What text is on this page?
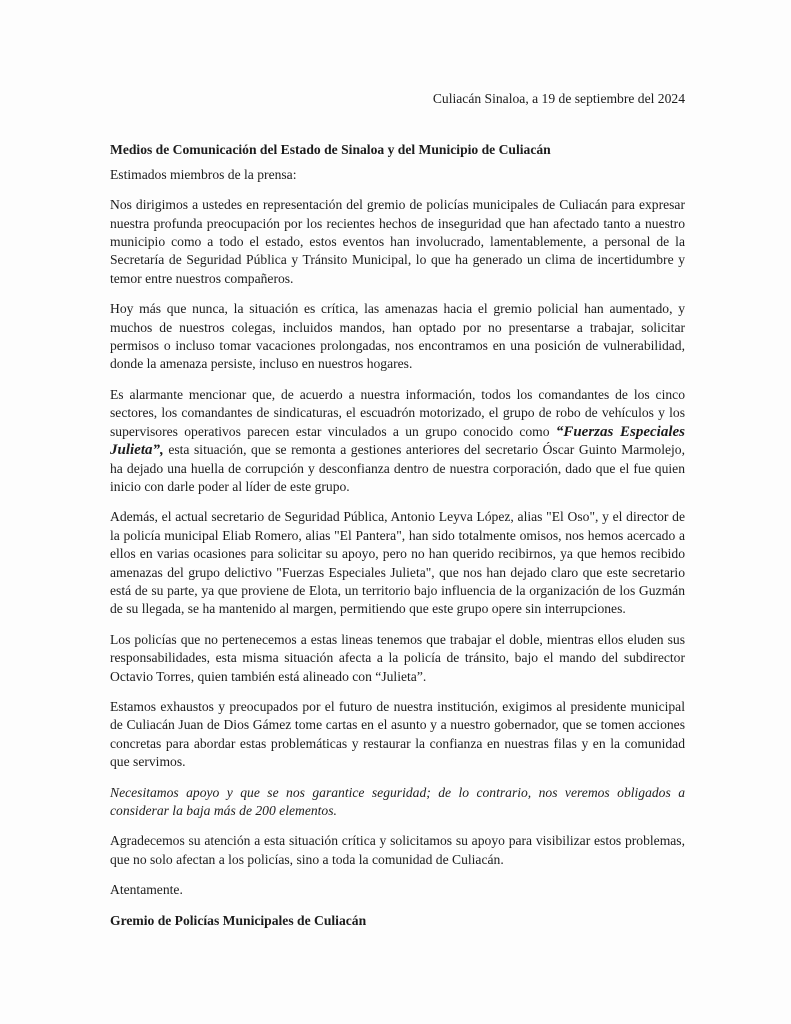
Culiacán Sinaloa, a 19 de septiembre del 2024
Medios de Comunicación del Estado de Sinaloa y del Municipio de Culiacán
Estimados miembros de la prensa:

Nos dirigimos a ustedes en representación del gremio de policías municipales de Culiacán para expresar nuestra profunda preocupación por los recientes hechos de inseguridad que han afectado tanto a nuestro municipio como a todo el estado, estos eventos han involucrado, lamentablemente, a personal de la Secretaría de Seguridad Pública y Tránsito Municipal, lo que ha generado un clima de incertidumbre y temor entre nuestros compañeros.

Hoy más que nunca, la situación es crítica, las amenazas hacia el gremio policial han aumentado, y muchos de nuestros colegas, incluidos mandos, han optado por no presentarse a trabajar, solicitar permisos o incluso tomar vacaciones prolongadas, nos encontramos en una posición de vulnerabilidad, donde la amenaza persiste, incluso en nuestros hogares.

Es alarmante mencionar que, de acuerdo a nuestra información, todos los comandantes de los cinco sectores, los comandantes de sindicaturas, el escuadrón motorizado, el grupo de robo de vehículos y los supervisores operativos parecen estar vinculados a un grupo conocido como “Fuerzas Especiales Julieta”, esta situación, que se remonta a gestiones anteriores del secretario Óscar Guinto Marmolejo, ha dejado una huella de corrupción y desconfianza dentro de nuestra corporación, dado que el fue quien inicio con darle poder al líder de este grupo.

Además, el actual secretario de Seguridad Pública, Antonio Leyva López, alias "El Oso", y el director de la policía municipal Eliab Romero, alias "El Pantera", han sido totalmente omisos, nos hemos acercado a ellos en varias ocasiones para solicitar su apoyo, pero no han querido recibirnos, ya que hemos recibido amenazas del grupo delictivo "Fuerzas Especiales Julieta", que nos han dejado claro que este secretario está de su parte, ya que proviene de Elota, un territorio bajo influencia de la organización de los Guzmán de su llegada, se ha mantenido al margen, permitiendo que este grupo opere sin interrupciones.

Los policías que no pertenecemos a estas lineas tenemos que trabajar el doble, mientras ellos eluden sus responsabilidades, esta misma situación afecta a la policía de tránsito, bajo el mando del subdirector Octavio Torres, quien también está alineado con “Julieta”.

Estamos exhaustos y preocupados por el futuro de nuestra institución, exigimos al presidente municipal de Culiacán Juan de Dios Gámez tome cartas en el asunto y a nuestro gobernador, que se tomen acciones concretas para abordar estas problemáticas y restaurar la confianza en nuestras filas y en la comunidad que servimos.

Necesitamos apoyo y que se nos garantice seguridad; de lo contrario, nos veremos obligados a considerar la baja más de 200 elementos.

Agradecemos su atención a esta situación crítica y solicitamos su apoyo para visibilizar estos problemas, que no solo afectan a los policías, sino a toda la comunidad de Culiacán.

Atentamente.
Gremio de Policías Municipales de Culiacán
